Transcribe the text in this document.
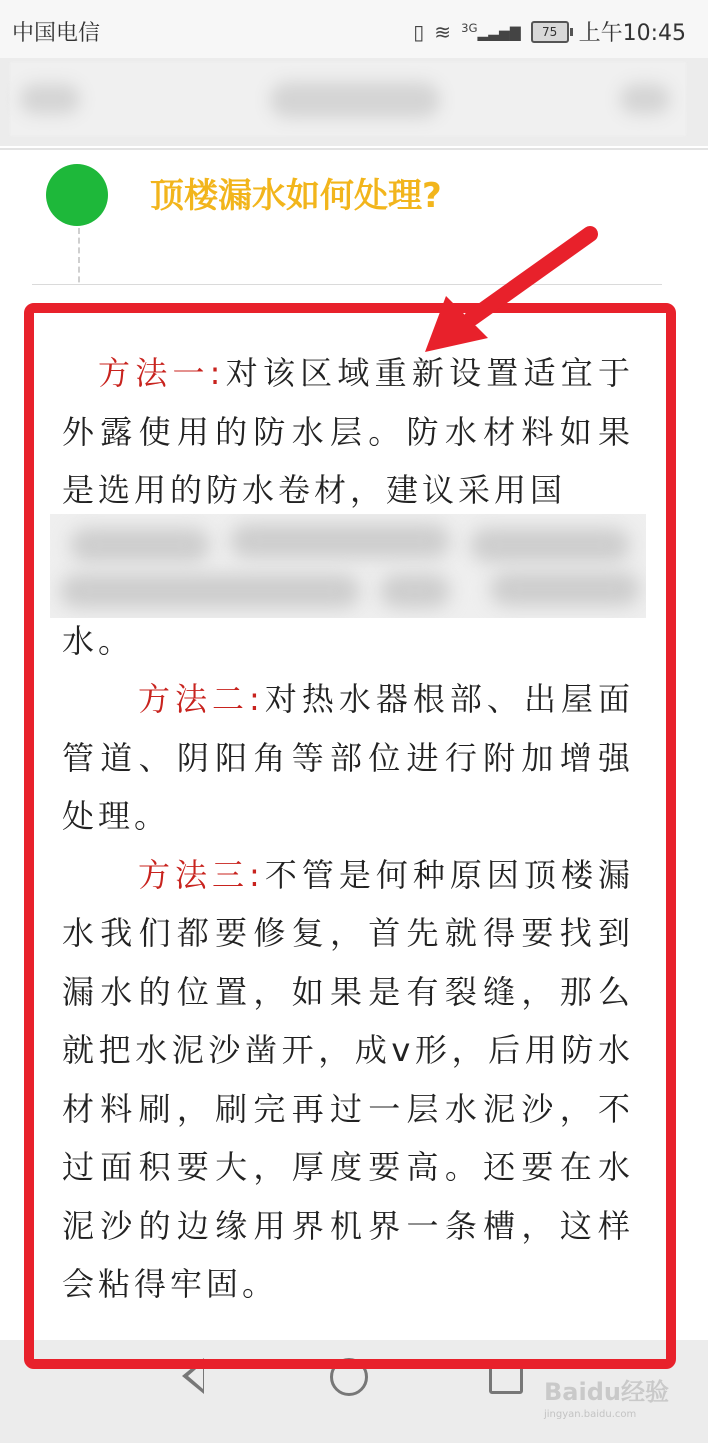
中国电信	▯ ≋ $^{3G}$▂▃▅▇	75 上午10:45
顶楼漏水如何处理?

方法一:对该区域重新设置适宜于外露使用的防水层。防水材料如果是选用的防水卷材，建议采用国

水。

方法二:对热水器根部、出屋面管道、阴阳角等部位进行附加增强处理。

方法三:不管是何种原因顶楼漏水我们都要修复，首先就得要找到漏水的位置，如果是有裂缝，那么就把水泥沙凿开，成v形，后用防水材料刷，刷完再过一层水泥沙，不过面积要大，厚度要高。还要在水泥沙的边缘用界机界一条槽，这样会粘得牢固。

Baidu经验
jingyan.baidu.com
